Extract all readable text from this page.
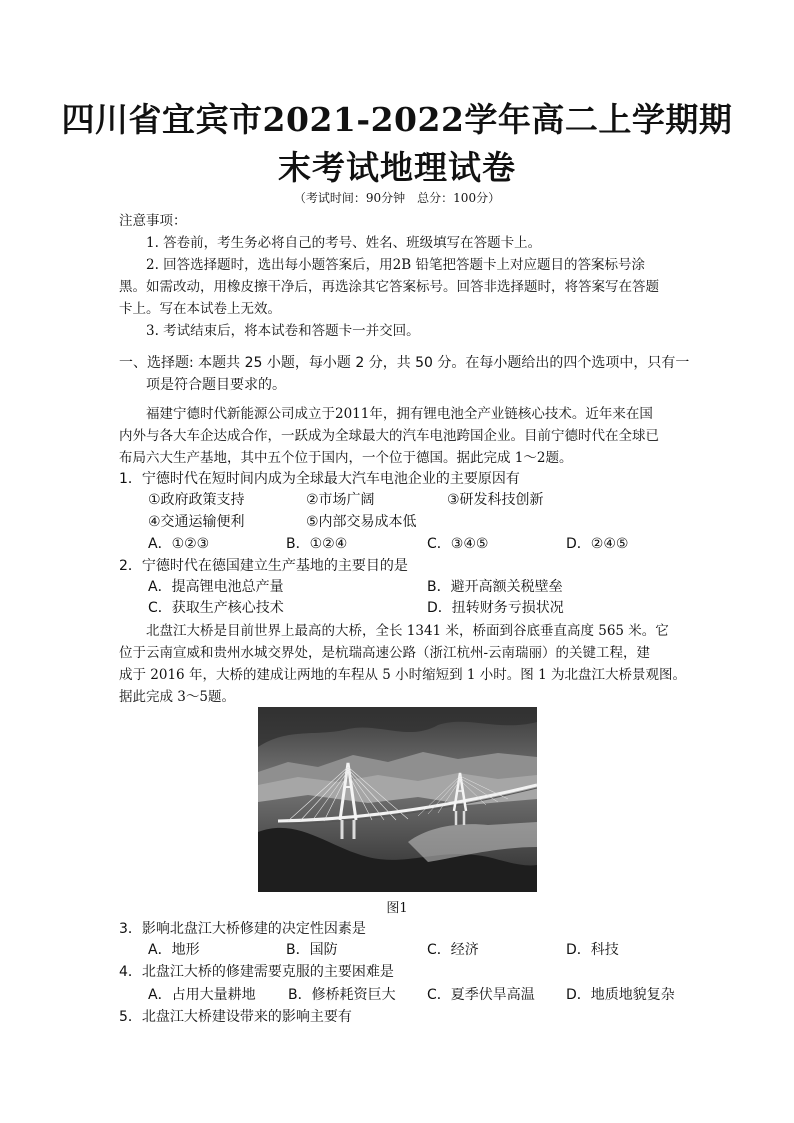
四川省宜宾市2021-2022学年高二上学期期
末考试地理试卷
（考试时间：90分钟　总分：100分）
注意事项：
1. 答卷前，考生务必将自己的考号、姓名、班级填写在答题卡上。
2. 回答选择题时，选出每小题答案后，用2B 铅笔把答题卡上对应题目的答案标号涂
黑。如需改动，用橡皮擦干净后，再选涂其它答案标号。回答非选择题时，将答案写在答题
卡上。写在本试卷上无效。
3. 考试结束后，将本试卷和答题卡一并交回。
一、选择题: 本题共 25 小题，每小题 2 分，共 50 分。在每小题给出的四个选项中，只有一
项是符合题目要求的。
福建宁德时代新能源公司成立于2011年，拥有锂电池全产业链核心技术。近年来在国
内外与各大车企达成合作，一跃成为全球最大的汽车电池跨国企业。目前宁德时代在全球已
布局六大生产基地，其中五个位于国内，一个位于德国。据此完成 1～2题。
1．宁德时代在短时间内成为全球最大汽车电池企业的主要原因有
①政府政策支持	②市场广阔	③研发科技创新
④交通运输便利	⑤内部交易成本低
A．①②③	B．①②④	C．③④⑤	D．②④⑤
2．宁德时代在德国建立生产基地的主要目的是
A．提高锂电池总产量	B．避开高额关税壁垒
C．获取生产核心技术	D．扭转财务亏损状况
北盘江大桥是目前世界上最高的大桥，全长 1341 米，桥面到谷底垂直高度 565 米。它
位于云南宣威和贵州水城交界处，是杭瑞高速公路（浙江杭州-云南瑞丽）的关键工程，建
成于 2016 年，大桥的建成让两地的车程从 5 小时缩短到 1 小时。图 1 为北盘江大桥景观图。
据此完成 3～5题。
图1
3．影响北盘江大桥修建的决定性因素是
A．地形	B．国防	C．经济	D．科技
4．北盘江大桥的修建需要克服的主要困难是
A．占用大量耕地 B．修桥耗资巨大 C．夏季伏旱高温 D．地质地貌复杂
5．北盘江大桥建设带来的影响主要有
